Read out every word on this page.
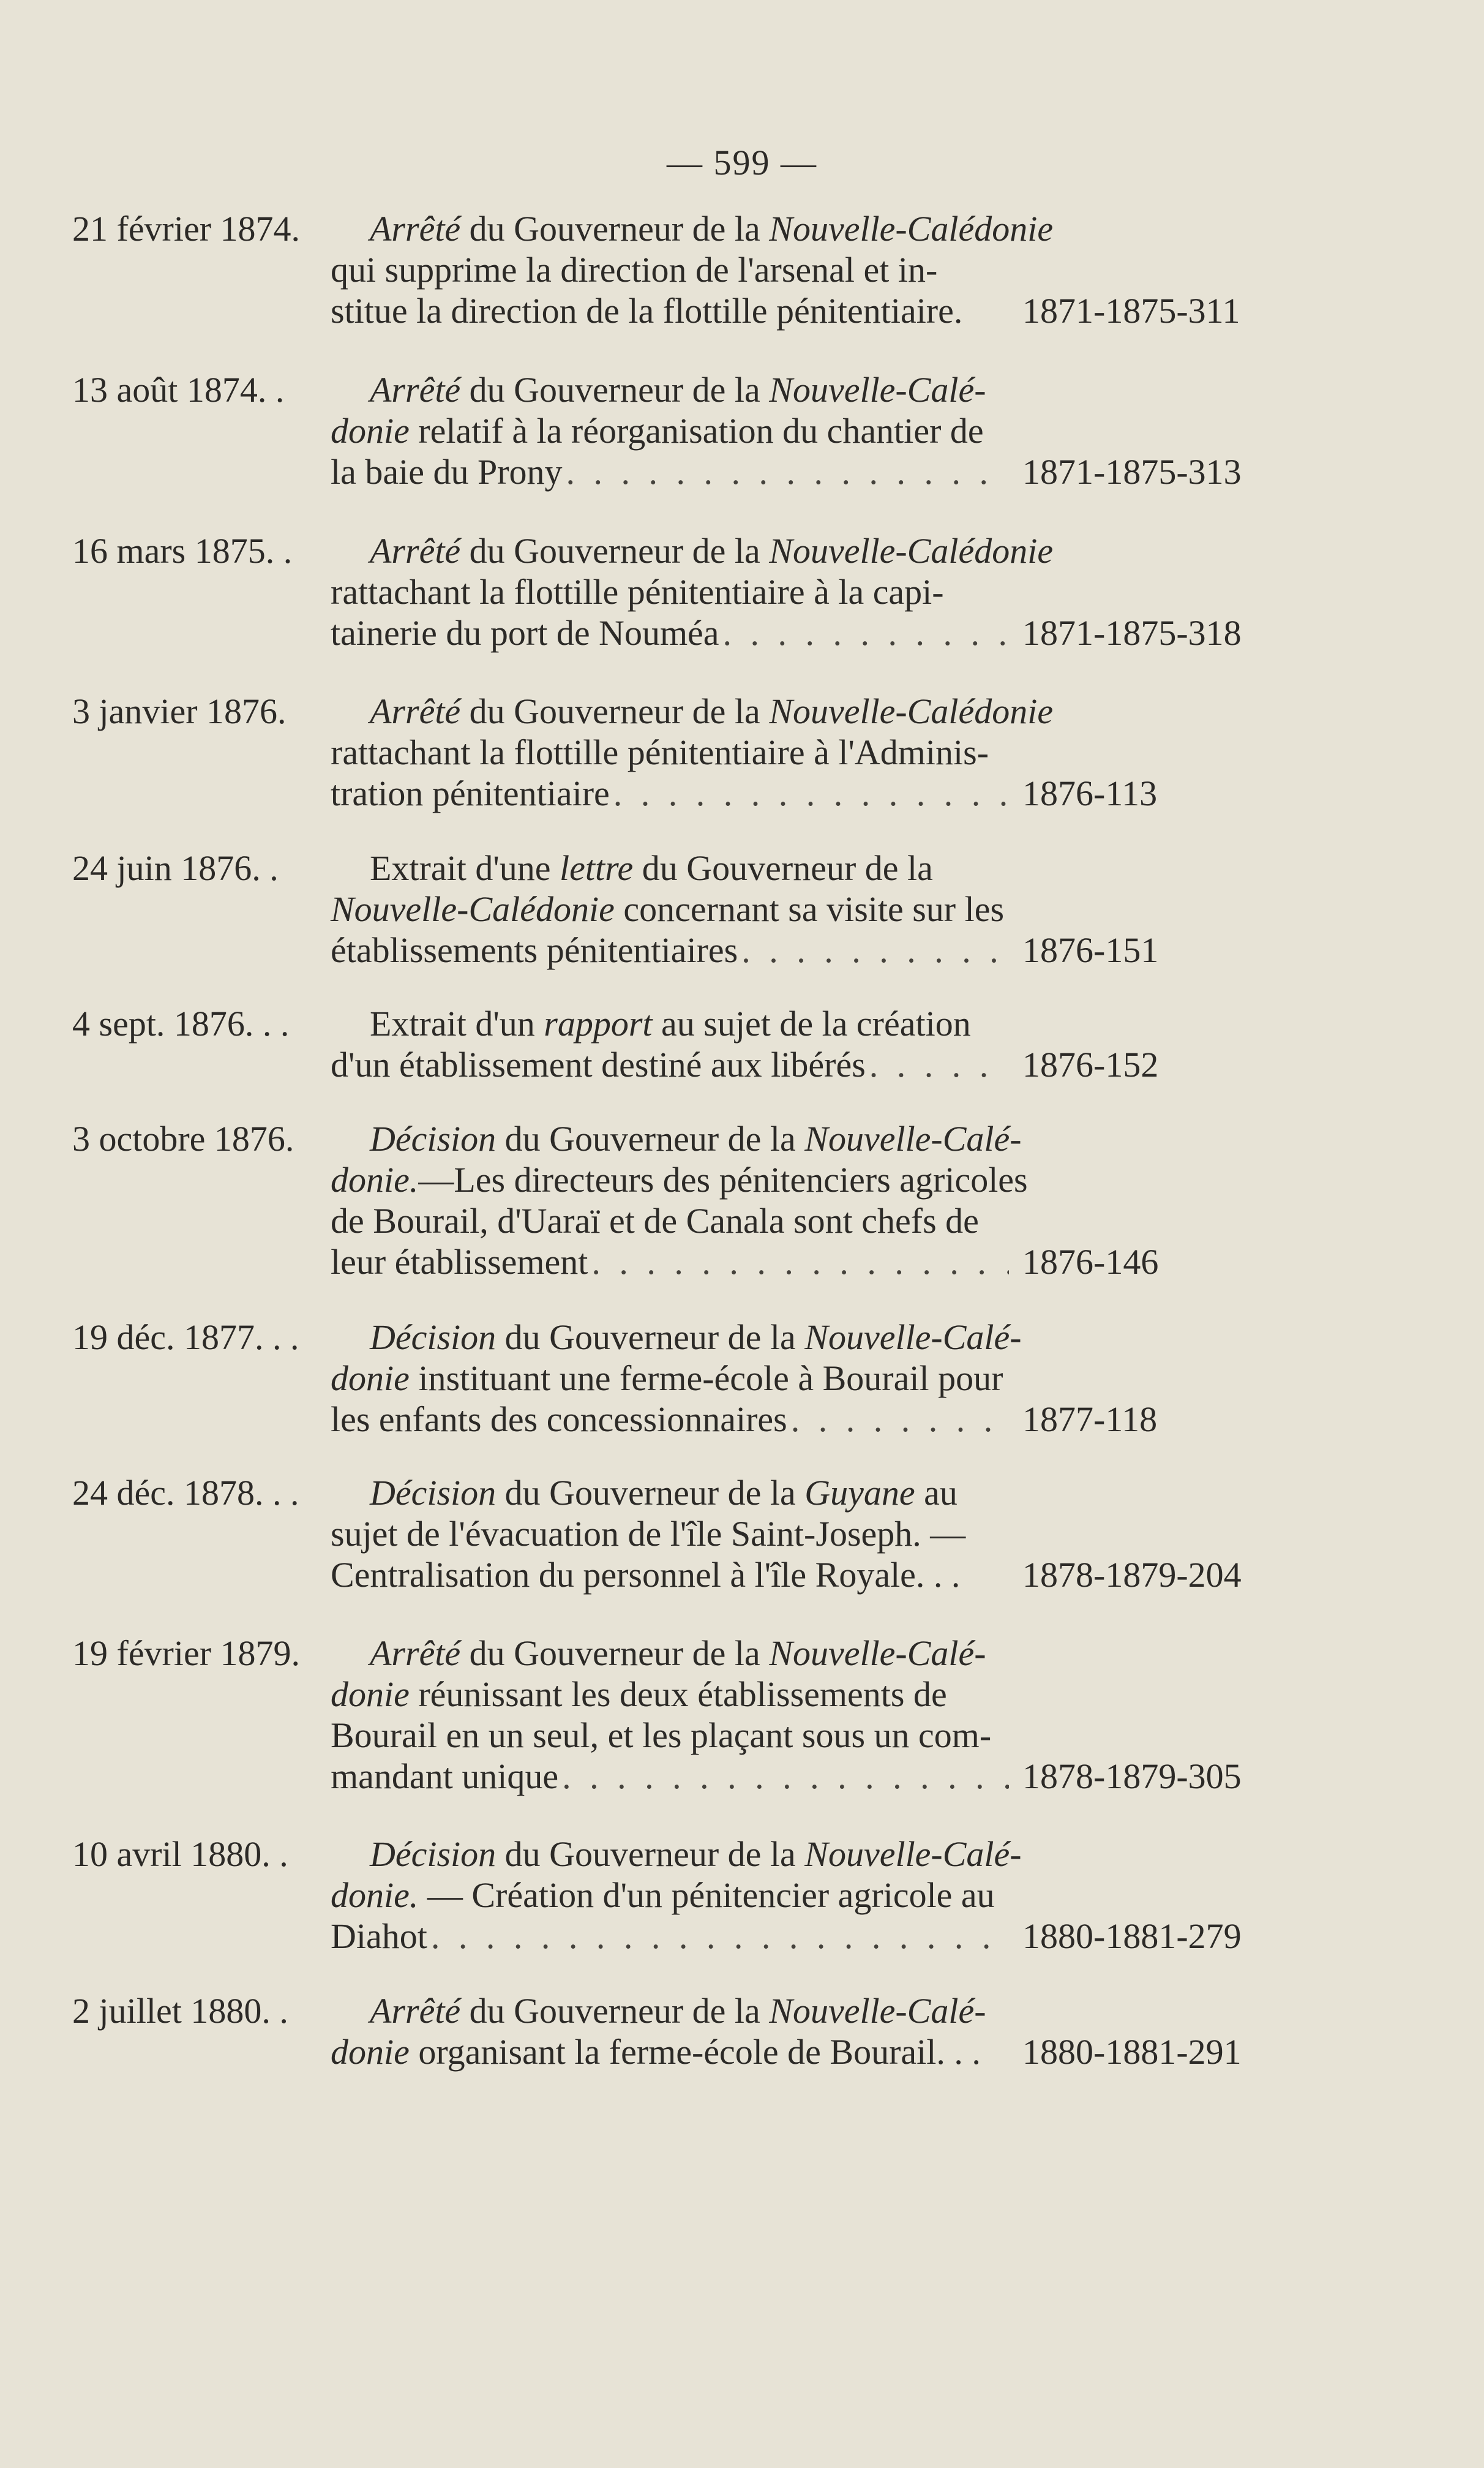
— 599 —
21 février 1874.	Arrêté du Gouverneur de la Nouvelle-Calédonie
qui supprime la direction de l'arsenal et in-
stitue la direction de la flottille pénitentiaire. 1871-1875-311
13 août 1874. .	Arrêté du Gouverneur de la Nouvelle-Calé-
donie relatif à la réorganisation du chantier de
la baie du Prony . . .	1871-1875-313
16 mars 1875. .	Arrêté du Gouverneur de la Nouvelle-Calédonie
rattachant la flottille pénitentiaire à la capi-
tainerie du port de Nouméa . . .	1871-1875-318
3 janvier 1876.	Arrêté du Gouverneur de la Nouvelle-Calédonie
rattachant la flottille pénitentiaire à l'Adminis-
tration pénitentiaire . . .	1876-113
24 juin 1876. .	Extrait d'une lettre du Gouverneur de la
Nouvelle-Calédonie concernant sa visite sur les
établissements pénitentiaires . . .	1876-151
4 sept. 1876. . .	Extrait d'un rapport au sujet de la création
d'un établissement destiné aux libérés . . .	1876-152
3 octobre 1876.	Décision du Gouverneur de la Nouvelle-Calé-
donie.—Les directeurs des pénitenciers agricoles
de Bourail, d'Uaraï et de Canala sont chefs de
leur établissement . . .	1876-146
19 déc. 1877. . .	Décision du Gouverneur de la Nouvelle-Calé-
donie instituant une ferme-école à Bourail pour
les enfants des concessionnaires . . .	1877-118
24 déc. 1878. . .	Décision du Gouverneur de la Guyane au
sujet de l'évacuation de l'île Saint-Joseph. —
Centralisation du personnel à l'île Royale. . . 1878-1879-204
19 février 1879.	Arrêté du Gouverneur de la Nouvelle-Calé-
donie réunissant les deux établissements de
Bourail en un seul, et les plaçant sous un com-
mandant unique . . .	1878-1879-305
10 avril 1880. .	Décision du Gouverneur de la Nouvelle-Calé-
donie. — Création d'un pénitencier agricole au
Diahot . . .	1880-1881-279
2 juillet 1880. .	Arrêté du Gouverneur de la Nouvelle-Calé-
donie organisant la ferme-école de Bourail. . . 1880-1881-291
